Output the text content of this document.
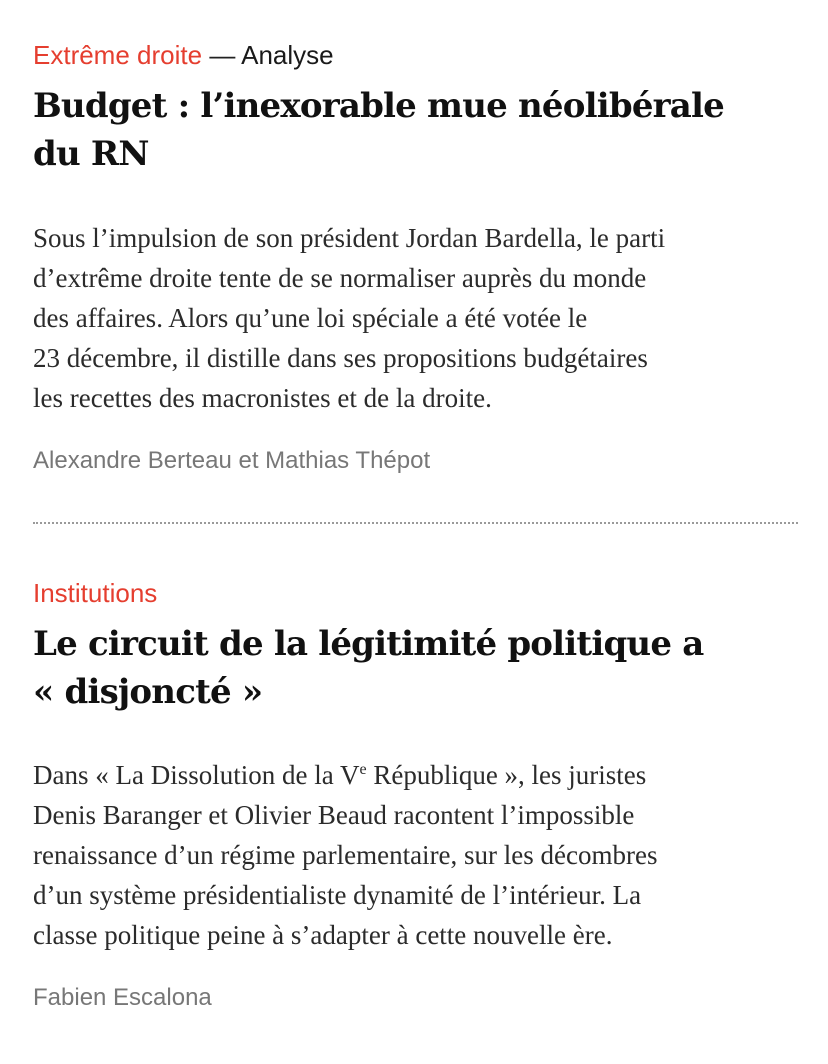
Extrême droite — Analyse
Budget : l’inexorable mue néolibérale
du RN

Sous l’impulsion de son président Jordan Bardella, le parti
d’extrême droite tente de se normaliser auprès du monde
des affaires. Alors qu’une loi spéciale a été votée le
23 décembre, il distille dans ses propositions budgétaires
les recettes des macronistes et de la droite.

Alexandre Berteau et Mathias Thépot
Institutions
Le circuit de la légitimité politique a
« disjoncté »

Dans « La Dissolution de la Ve République », les juristes
Denis Baranger et Olivier Beaud racontent l’impossible
renaissance d’un régime parlementaire, sur les décombres
d’un système présidentialiste dynamité de l’intérieur. La
classe politique peine à s’adapter à cette nouvelle ère.

Fabien Escalona
